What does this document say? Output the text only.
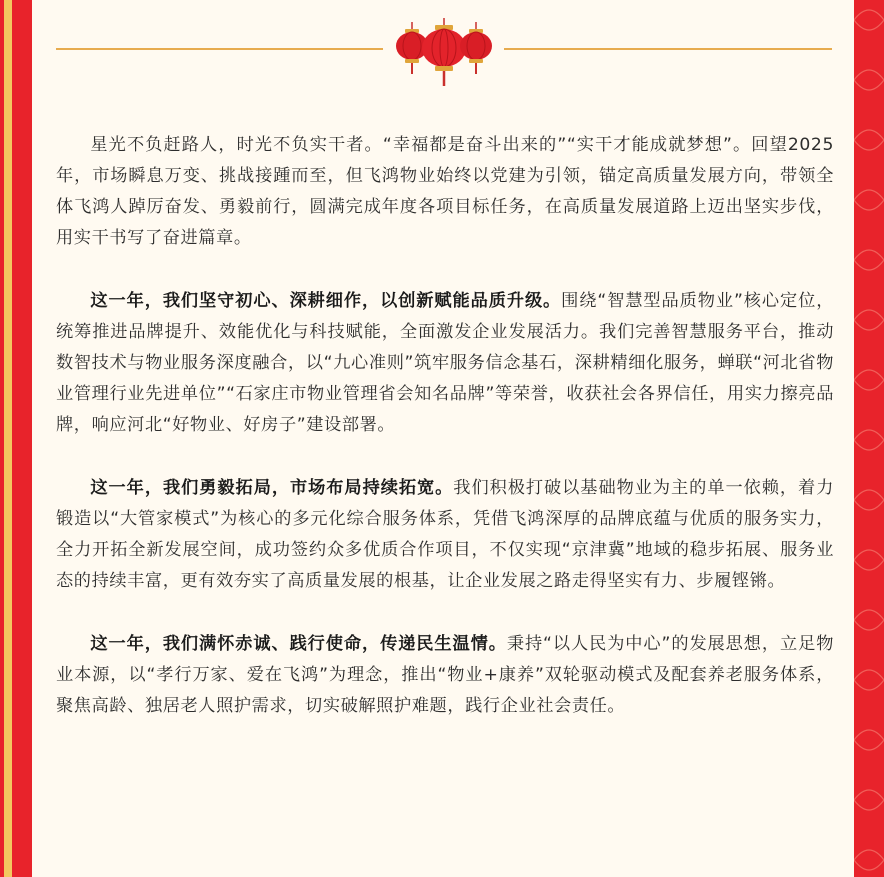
星光不负赶路人，时光不负实干者。“幸福都是奋斗出来的”“实干才能成就梦想”。回望2025年，市场瞬息万变、挑战接踵而至，但飞鸿物业始终以党建为引领，锚定高质量发展方向，带领全体飞鸿人踔厉奋发、勇毅前行，圆满完成年度各项目标任务，在高质量发展道路上迈出坚实步伐，用实干书写了奋进篇章。

这一年，我们坚守初心、深耕细作，以创新赋能品质升级。围绕“智慧型品质物业”核心定位，统筹推进品牌提升、效能优化与科技赋能，全面激发企业发展活力。我们完善智慧服务平台，推动数智技术与物业服务深度融合，以“九心准则”筑牢服务信念基石，深耕精细化服务，蝉联“河北省物业管理行业先进单位”“石家庄市物业管理省会知名品牌”等荣誉，收获社会各界信任，用实力擦亮品牌，响应河北“好物业、好房子”建设部署。

这一年，我们勇毅拓局，市场布局持续拓宽。我们积极打破以基础物业为主的单一依赖，着力锻造以“大管家模式”为核心的多元化综合服务体系，凭借飞鸿深厚的品牌底蕴与优质的服务实力，全力开拓全新发展空间，成功签约众多优质合作项目，不仅实现“京津冀”地域的稳步拓展、服务业态的持续丰富，更有效夯实了高质量发展的根基，让企业发展之路走得坚实有力、步履铿锵。

这一年，我们满怀赤诚、践行使命，传递民生温情。秉持“以人民为中心”的发展思想，立足物业本源，以“孝行万家、爱在飞鸿”为理念，推出“物业+康养”双轮驱动模式及配套养老服务体系，聚焦高龄、独居老人照护需求，切实破解照护难题，践行企业社会责任。
